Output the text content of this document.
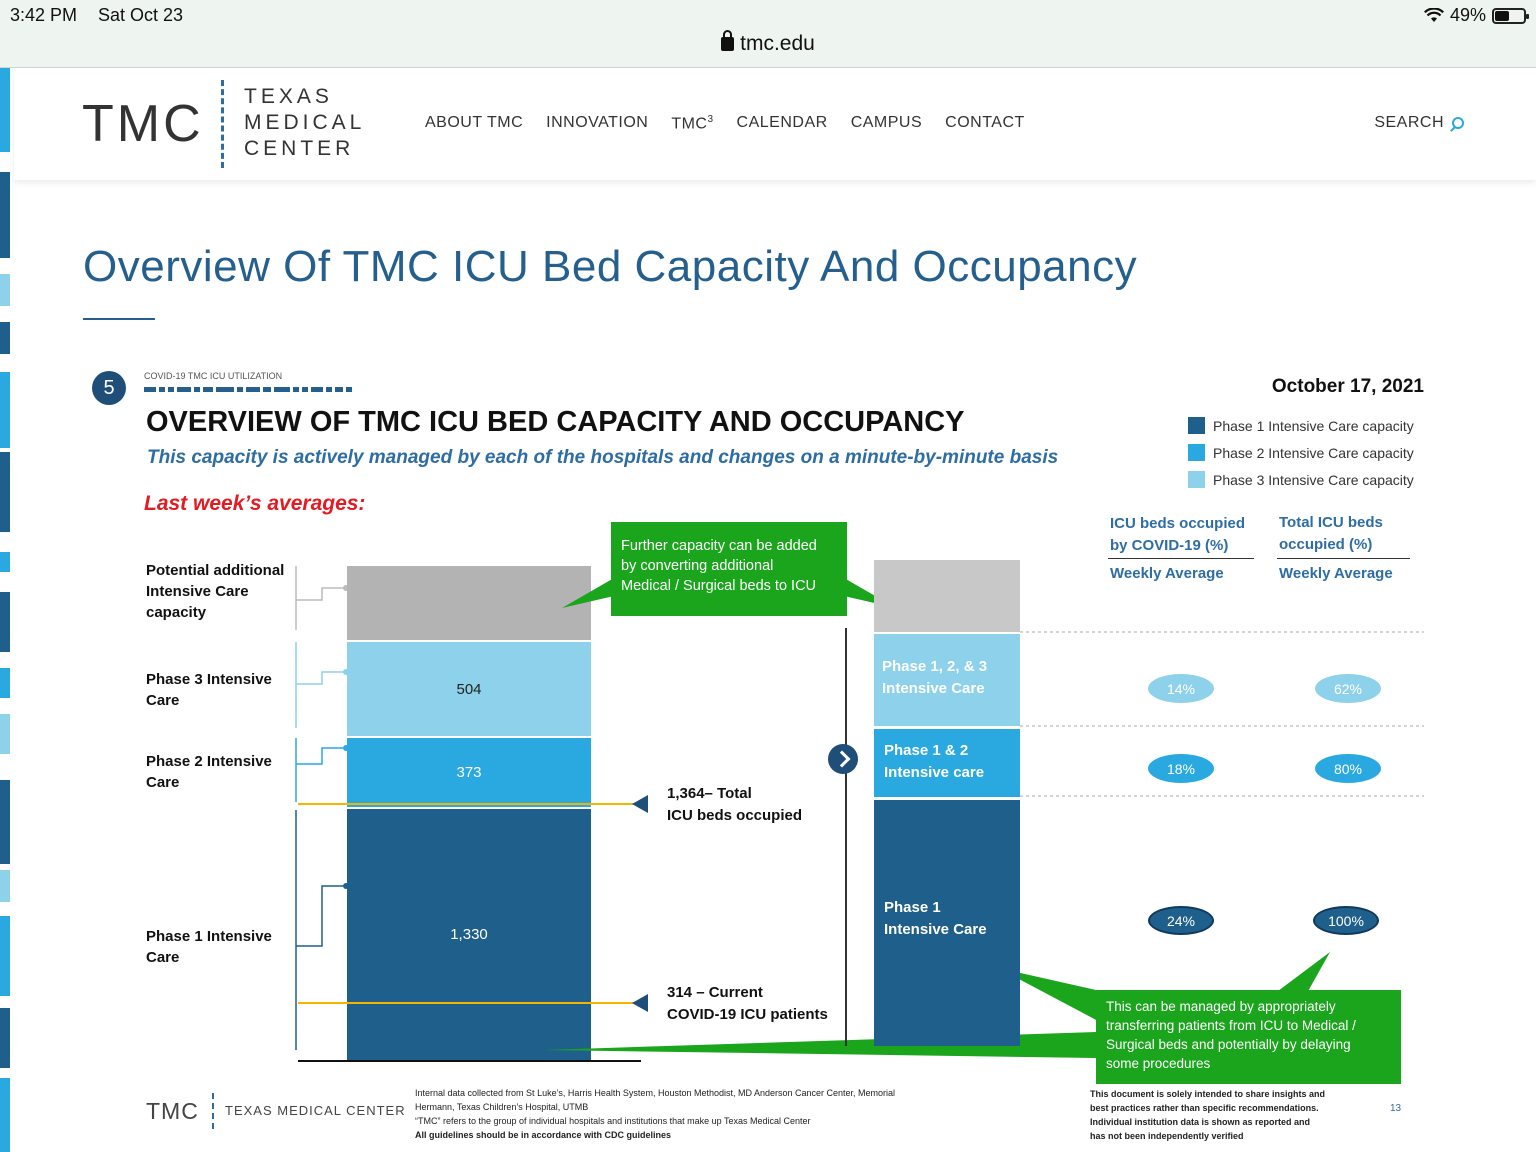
3:42 PM Sat Oct 23	49%
tmc.edu
TMC TEXAS
MEDICAL
CENTER
ABOUT TMC INNOVATION TMC$^3$ CALENDAR CAMPUS CONTACT	SEARCH
Overview Of TMC ICU Bed Capacity And Occupancy
5
COVID-19 TMC ICU UTILIZATION
OVERVIEW OF TMC ICU BED CAPACITY AND OCCUPANCY
This capacity is actively managed by each of the hospitals and changes on a minute-by-minute basis
Last week’s averages:
October 17, 2021
Phase 1 Intensive Care capacity
Phase 2 Intensive Care capacity
Phase 3 Intensive Care capacity
Potential additional
Intensive Care
capacity
Phase 3 Intensive
Care
Phase 2 Intensive
Care
Phase 1 Intensive
Care
1,330
373
504
1,364– Total
ICU beds occupied
314 – Current
COVID-19 ICU patients
Further capacity can be added
by converting additional
Medical / Surgical beds to ICU
This can be managed by appropriately
transferring patients from ICU to Medical /
Surgical beds and potentially by delaying
some procedures
Phase 1, 2, & 3
Intensive Care
Phase 1 & 2
Intensive care
Phase 1
Intensive Care
ICU beds occupied
by COVID-19 (%)
Weekly Average
Total ICU beds
occupied (%)
Weekly Average
14%	62%
18%	80%
24%	100%
TMC TEXAS MEDICAL CENTER
Internal data collected from St Luke’s, Harris Health System, Houston Methodist, MD Anderson Cancer Center, Memorial
Hermann, Texas Children’s Hospital, UTMB
“TMC” refers to the group of individual hospitals and institutions that make up Texas Medical Center
All guidelines should be in accordance with CDC guidelines
This document is solely intended to share insights and
best practices rather than specific recommendations.
Individual institution data is shown as reported and
has not been independently verified
13
